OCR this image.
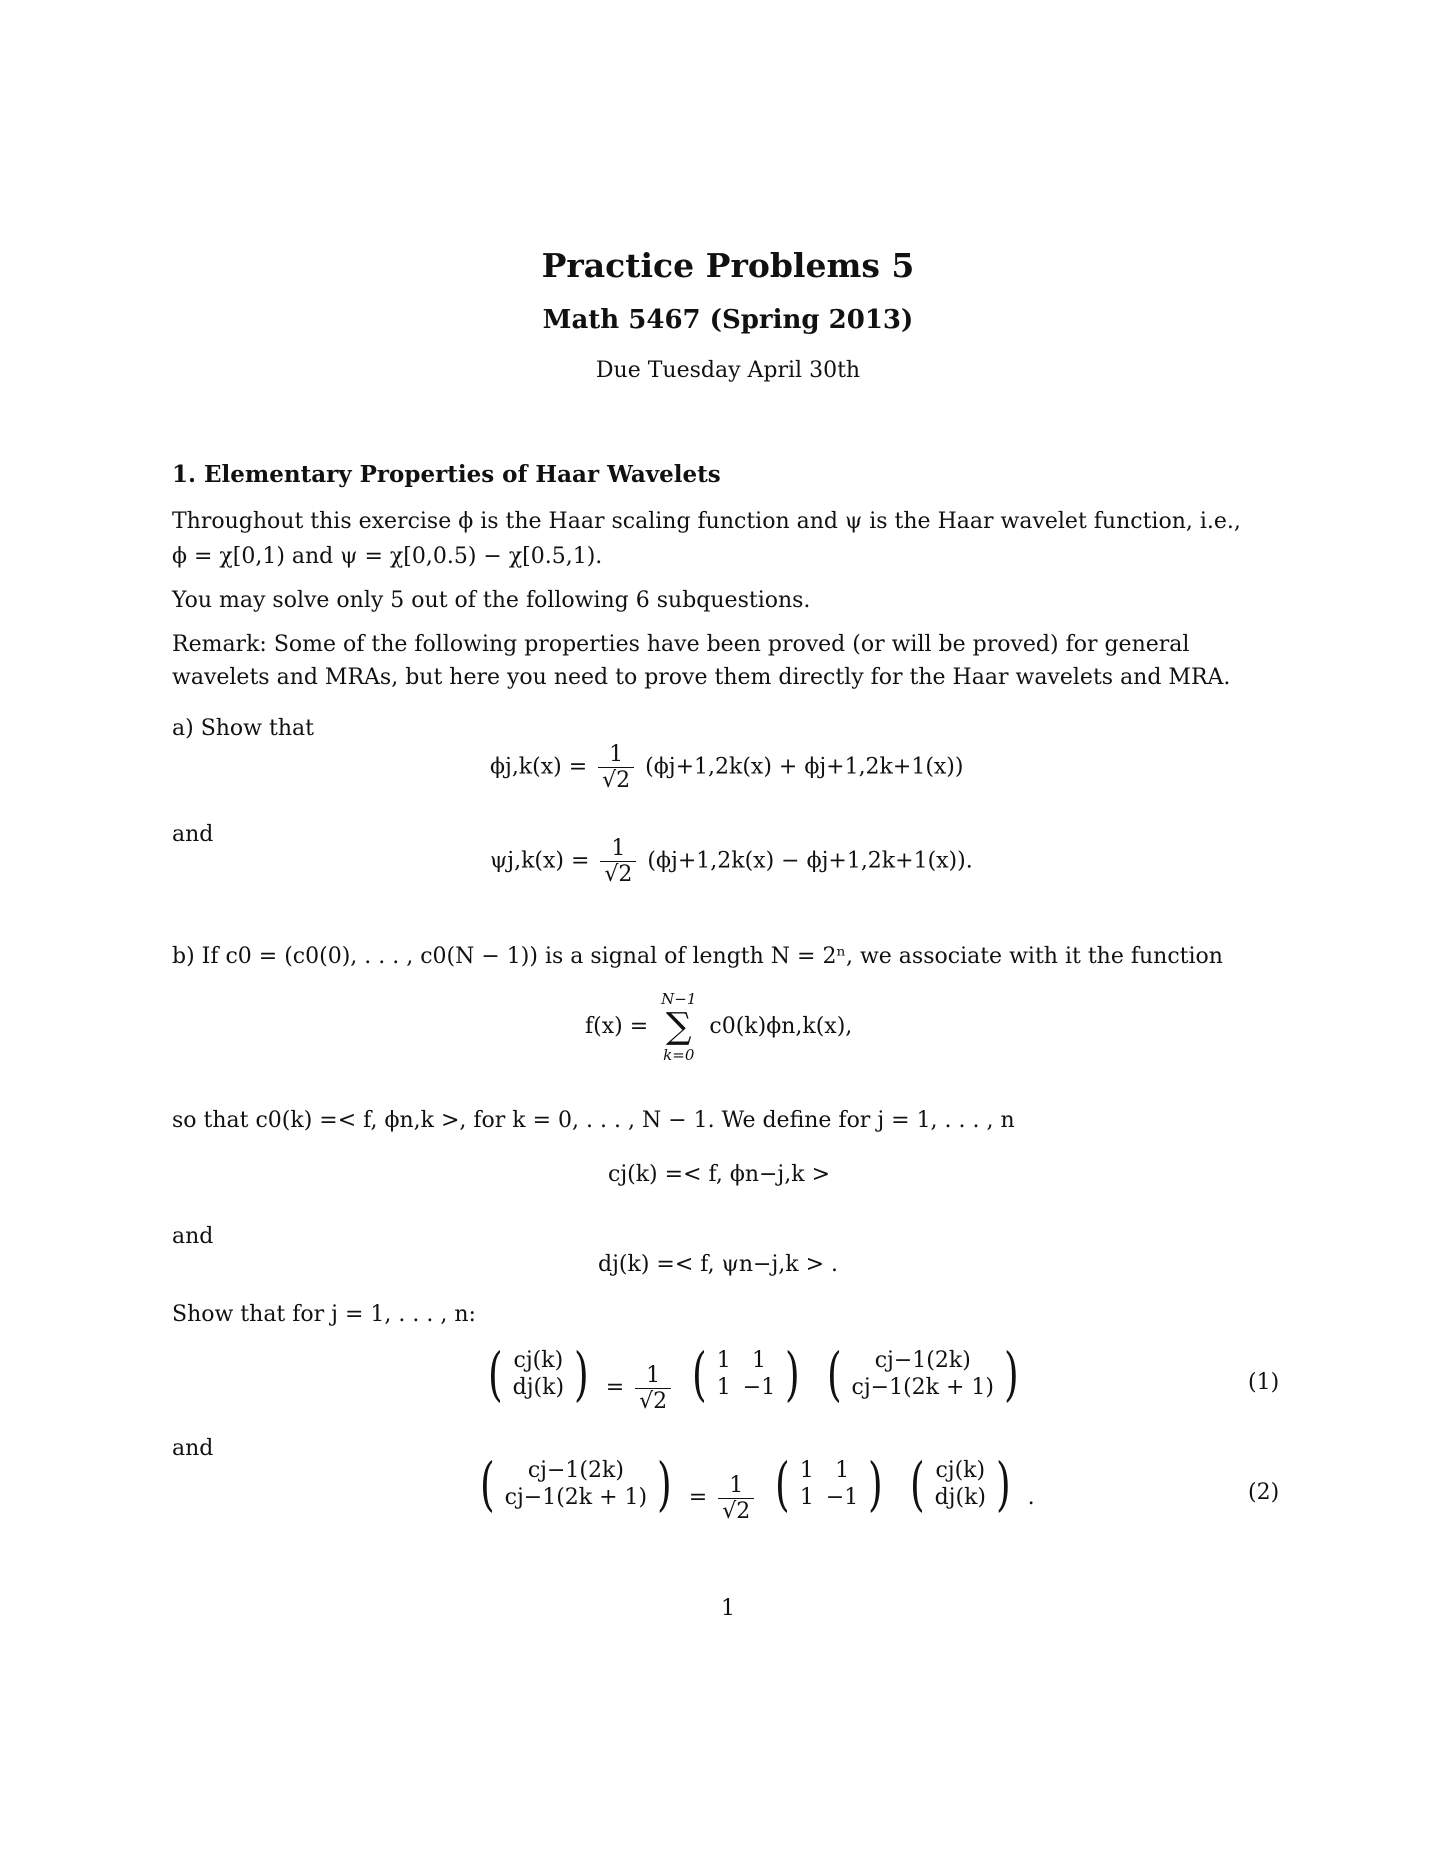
Practice Problems 5
Math 5467 (Spring 2013)
Due Tuesday April 30th
1. Elementary Properties of Haar Wavelets
Throughout this exercise ϕ is the Haar scaling function and ψ is the Haar wavelet function, i.e.,
ϕ = χ[0,1) and ψ = χ[0,0.5) − χ[0.5,1).
You may solve only 5 out of the following 6 subquestions.
Remark: Some of the following properties have been proved (or will be proved) for general wavelets and MRAs, but here you need to prove them directly for the Haar wavelets and MRA.
a) Show that
$\phi j,k(x) = \frac{1}{√2} (\phi j+1,2k(x) + \phi j+1,2k+1(x))$
and
$\psi j,k(x) = \frac{1}{√2} (\phi j+1,2k(x) - \phi j+1,2k+1(x))$.
b) If c0 = (c0(0), . . . , c0(N − 1)) is a signal of length N = 2ⁿ, we associate with it the function
f(x) =
N−1
∑
k=0
c0(k)ϕn,k(x),
so that c0(k) =< f, ϕn,k >, for k = 0, . . . , N − 1. We define for j = 1, . . . , n
cj(k) =< f, ϕn−j,k >
and
dj(k) =< f, ψn−j,k > .
Show that for j = 1, . . . , n:
( cj(k)
dj(k) ) = $\frac{1}{√2}$
( 1	1
1	−1 )
( cj−1(2k)
cj−1(2k + 1) )	(1)
and
( cj−1(2k)
cj−1(2k + 1) ) = $\frac{1}{√2}$
( 1	1
1	−1 )
( cj(k)
dj(k) ) .	(2)
1
